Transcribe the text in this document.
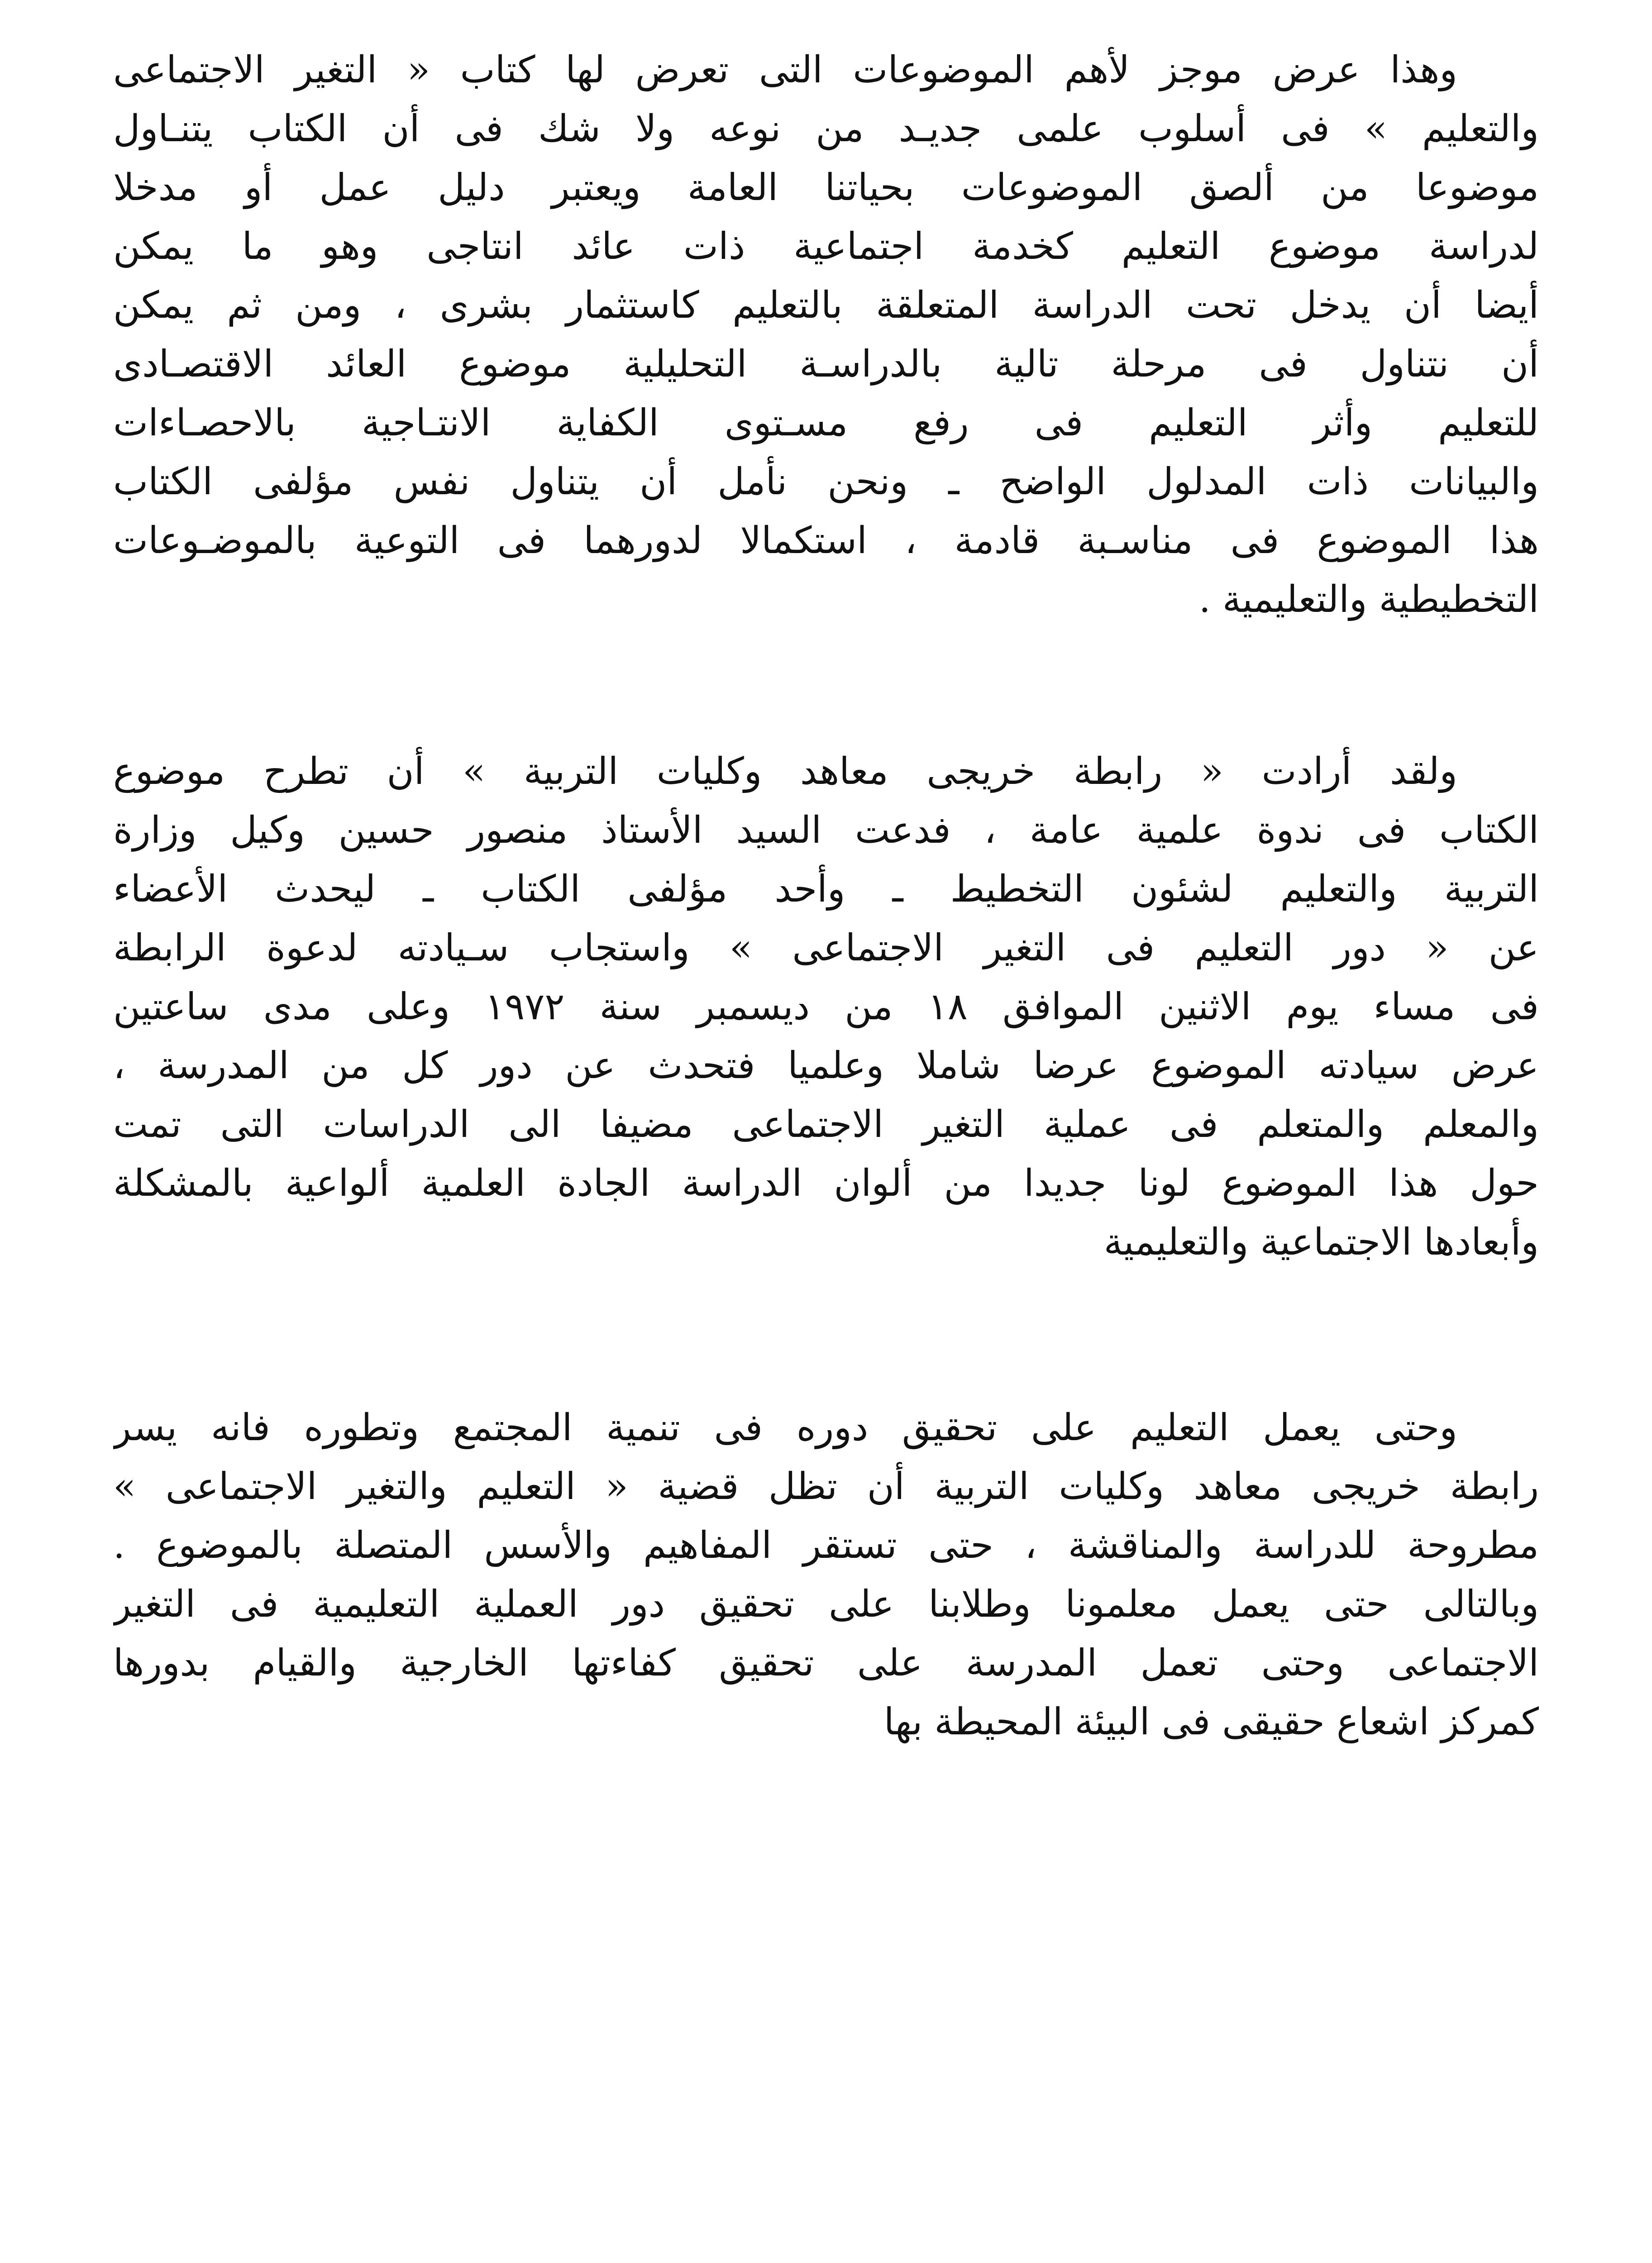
وهذا عرض موجز لأهم الموضوعات التى تعرض لها كتاب « التغير الاجتماعى
والتعليم » فى أسلوب علمى جديـد من نوعه ولا شك فى أن الكتاب يتنـاول
موضوعا من ألصق الموضوعات بحياتنا العامة ويعتبر دليل عمل أو مدخلا
لدراسة موضوع التعليم كخدمة اجتماعية ذات عائد انتاجى وهو ما يمكن
أيضا أن يدخل تحت الدراسة المتعلقة بالتعليم كاستثمار بشرى ، ومن ثم يمكن
أن نتناول فى مرحلة تالية بالدراسـة التحليلية موضوع العائد الاقتصـادى
للتعليم وأثر التعليم فى رفع مسـتوى الكفاية الانتـاجية بالاحصـاءات
والبيانات ذات المدلول الواضح ـ ونحن نأمل أن يتناول نفس مؤلفى الكتاب
هذا الموضوع فى مناسـبة قادمة ، استكمالا لدورهما فى التوعية بالموضـوعات
التخطيطية والتعليمية .
ولقد أرادت « رابطة خريجى معاهد وكليات التربية » أن تطرح موضوع
الكتاب فى ندوة علمية عامة ، فدعت السيد الأستاذ منصور حسين وكيل وزارة
التربية والتعليم لشئون التخطيط ـ وأحد مؤلفى الكتاب ـ ليحدث الأعضاء
عن « دور التعليم فى التغير الاجتماعى » واستجاب سـيادته لدعوة الرابطة
فى مساء يوم الاثنين الموافق ١٨ من ديسمبر سنة ١٩٧٢ وعلى مدى ساعتين
عرض سيادته الموضوع عرضا شاملا وعلميا فتحدث عن دور كل من المدرسة ،
والمعلم والمتعلم فى عملية التغير الاجتماعى مضيفا الى الدراسات التى تمت
حول هذا الموضوع لونا جديدا من ألوان الدراسة الجادة العلمية ألواعية بالمشكلة
وأبعادها الاجتماعية والتعليمية
وحتى يعمل التعليم على تحقيق دوره فى تنمية المجتمع وتطوره فانه يسر
رابطة خريجى معاهد وكليات التربية أن تظل قضية « التعليم والتغير الاجتماعى »
مطروحة للدراسة والمناقشة ، حتى تستقر المفاهيم والأسس المتصلة بالموضوع .
وبالتالى حتى يعمل معلمونا وطلابنا على تحقيق دور العملية التعليمية فى التغير
الاجتماعى وحتى تعمل المدرسة على تحقيق كفاءتها الخارجية والقيام بدورها
كمركز اشعاع حقيقى فى البيئة المحيطة بها
